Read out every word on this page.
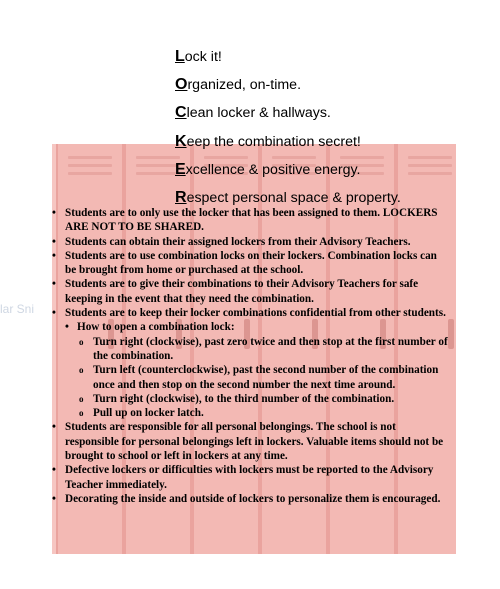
lar Sni
Lock it!
Organized, on-time.
Clean locker & hallways.
Keep the combination secret!
Excellence & positive energy.
Respect personal space & property.
• Students are to only use the locker that has been assigned to them. LOCKERS ARE NOT TO BE SHARED.
• Students can obtain their assigned lockers from their Advisory Teachers.
• Students are to use combination locks on their lockers. Combination locks can be brought from home or purchased at the school.
• Students are to give their combinations to their Advisory Teachers for safe keeping in the event that they need the combination.
• Students are to keep their locker combinations confidential from other students.
• How to open a combination lock:
o Turn right (clockwise), past zero twice and then stop at the first number of the combination.
o Turn left (counterclockwise), past the second number of the combination once and then stop on the second number the next time around.
o Turn right (clockwise), to the third number of the combination.
o Pull up on locker latch.
• Students are responsible for all personal belongings. The school is not responsible for personal belongings left in lockers. Valuable items should not be brought to school or left in lockers at any time.
• Defective lockers or difficulties with lockers must be reported to the Advisory Teacher immediately.
• Decorating the inside and outside of lockers to personalize them is encouraged.
